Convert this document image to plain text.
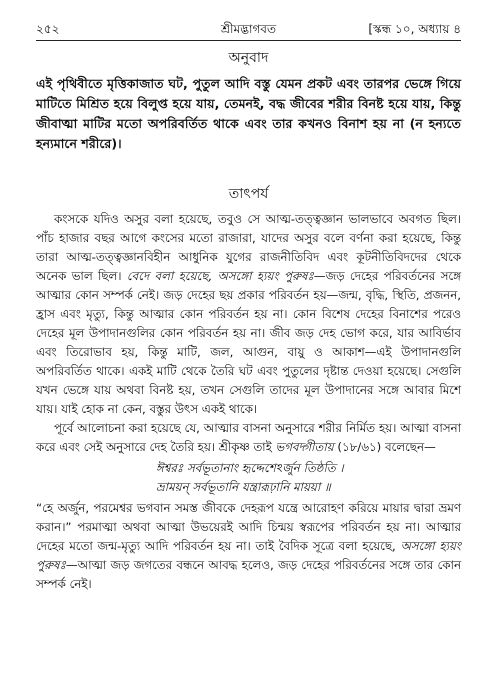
২৫২	শ্রীমদ্ভাগবত	[স্কন্ধ ১০, অধ্যায় ৪
অনুবাদ
এই পৃথিবীতে মৃত্তিকাজাত ঘট, পুতুল আদি বস্তু যেমন প্রকট এবং তারপর ভেঙ্গে গিয়ে মাটিতে মিশ্রিত হয়ে বিলুপ্ত হয়ে যায়, তেমনই, বদ্ধ জীবের শরীর বিনষ্ট হয়ে যায়, কিন্তু জীবাত্মা মাটির মতো অপরিবর্তিত থাকে এবং তার কখনও বিনাশ হয় না (ন হন্যতে হন্যমানে শরীরে)।
তাৎপর্য

কংসকে যদিও অসুর বলা হয়েছে, তবুও সে আত্ম-তত্ত্বজ্ঞান ভালভাবে অবগত ছিল। পাঁচ হাজার বছর আগে কংসের মতো রাজারা, যাদের অসুর বলে বর্ণনা করা হয়েছে, কিন্তু তারা আত্ম-তত্ত্বজ্ঞানবিহীন আধুনিক যুগের রাজনীতিবিদ এবং কূটনীতিবিদদের থেকে অনেক ভাল ছিল। বেদে বলা হয়েছে, অসঙ্গো হ্যয়ং পুরুষঃ—জড় দেহের পরিবর্তনের সঙ্গে আত্মার কোন সম্পর্ক নেই। জড় দেহের ছয় প্রকার পরিবর্তন হয়—জন্ম, বৃদ্ধি, স্থিতি, প্রজনন, হ্রাস এবং মৃত্যু, কিন্তু আত্মার কোন পরিবর্তন হয় না। কোন বিশেষ দেহের বিনাশের পরেও দেহের মূল উপাদানগুলির কোন পরিবর্তন হয় না। জীব জড় দেহ ভোগ করে, যার আবির্ভাব এবং তিরোভাব হয়, কিন্তু মাটি, জল, আগুন, বায়ু ও আকাশ—এই উপাদানগুলি অপরিবর্তিত থাকে। একই মাটি থেকে তৈরি ঘট এবং পুতুলের দৃষ্টান্ত দেওয়া হয়েছে। সেগুলি যখন ভেঙ্গে যায় অথবা বিনষ্ট হয়, তখন সেগুলি তাদের মূল উপাদানের সঙ্গে আবার মিশে যায়। যাই হোক না কেন, বস্তুর উৎস একই থাকে।

পূর্বে আলোচনা করা হয়েছে যে, আত্মার বাসনা অনুসারে শরীর নির্মিত হয়। আত্মা বাসনা করে এবং সেই অনুসারে দেহ তৈরি হয়। শ্রীকৃষ্ণ তাই ভগবদ্গীতায় (১৮/৬১) বলেছেন—

ঈশ্বরঃ সর্বভূতানাং হৃদ্দেশেঽর্জুন তিষ্ঠতি ।
ভ্রাময়ন্ সর্বভূতানি যন্ত্রারূঢ়ানি মায়য়া ॥

“হে অর্জুন, পরমেশ্বর ভগবান সমস্ত জীবকে দেহরূপ যন্ত্রে আরোহণ করিয়ে মায়ার দ্বারা ভ্রমণ করান।” পরমাত্মা অথবা আত্মা উভয়েরই আদি চিন্ময় স্বরূপের পরিবর্তন হয় না। আত্মার দেহের মতো জন্ম-মৃত্যু আদি পরিবর্তন হয় না। তাই বৈদিক সূত্রে বলা হয়েছে, অসঙ্গো হ্যয়ং পুরুষঃ—আত্মা জড় জগতের বন্ধনে আবদ্ধ হলেও, জড় দেহের পরিবর্তনের সঙ্গে তার কোন সম্পর্ক নেই।
